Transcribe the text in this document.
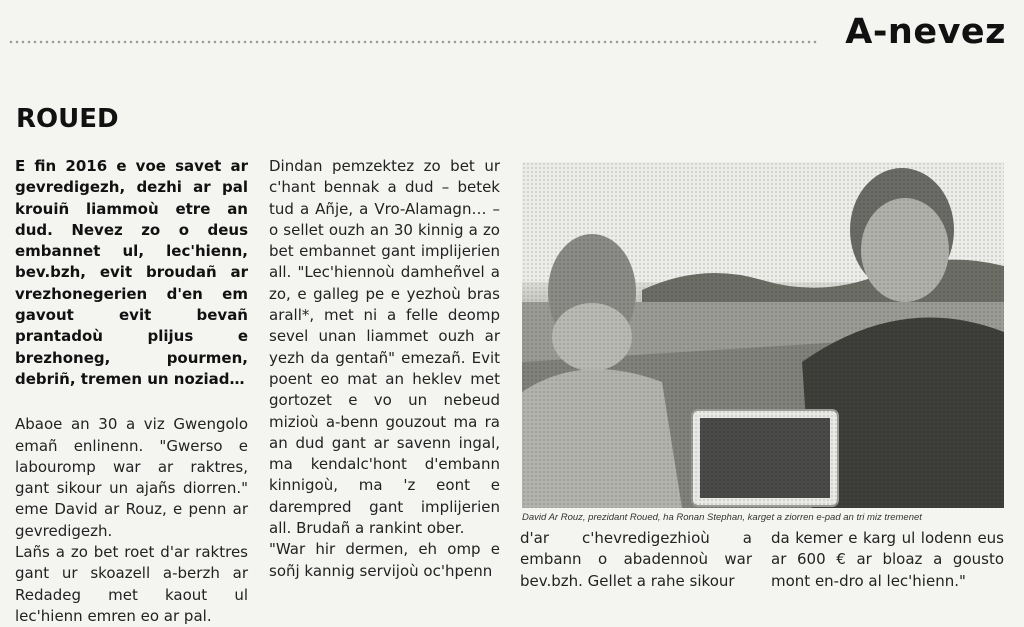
A-nevez
ROUED

E fin 2016 e voe savet ar gevredigezh, dezhi ar pal krouiñ liammoù etre an dud. Nevez zo o deus embannet ul, lec'hienn, bev.bzh, evit broudañ ar vrezhonegerien d'en em gavout evit bevañ prantadoù plijus e brezhoneg, pourmen, debriñ, tremen un noziad…

Abaoe an 30 a viz Gwengolo emañ enlinenn. "Gwerso e labouromp war ar raktres, gant sikour un ajañs diorren." eme David ar Rouz, e penn ar gevredigezh.

Lañs a zo bet roet d'ar raktres gant ur skoazell a-berzh ar Redadeg met kaout ul lec'hienn emren eo ar pal.

Dindan pemzektez zo bet ur c'hant bennak a dud – betek tud a Añje, a Vro-Alamagn… – o sellet ouzh an 30 kinnig a zo bet embannet gant implijerien all. "Lec'hiennoù damheñvel a zo, e galleg pe e yezhoù bras arall*, met ni a felle deomp sevel unan liammet ouzh ar yezh da gentañ" emezañ. Evit poent eo mat an heklev met gortozet e vo un nebeud mizioù a-benn gouzout ma ra an dud gant ar savenn ingal, ma kendalc'hont d'embann kinnigoù, ma 'z eont e darempred gant implijerien all. Brudañ a rankint ober.

"War hir dermen, eh omp e soñj kannig servijoù oc'hpenn

David Ar Rouz, prezidant Roued, ha Ronan Stephan, karget a ziorren e-pad an tri miz tremenet

d'ar c'hevredigezhioù a embann o abadennoù war bev.bzh. Gellet a rahe sikour

da kemer e karg ul lodenn eus ar 600 € ar bloaz a gousto mont en-dro al lec'hienn."
